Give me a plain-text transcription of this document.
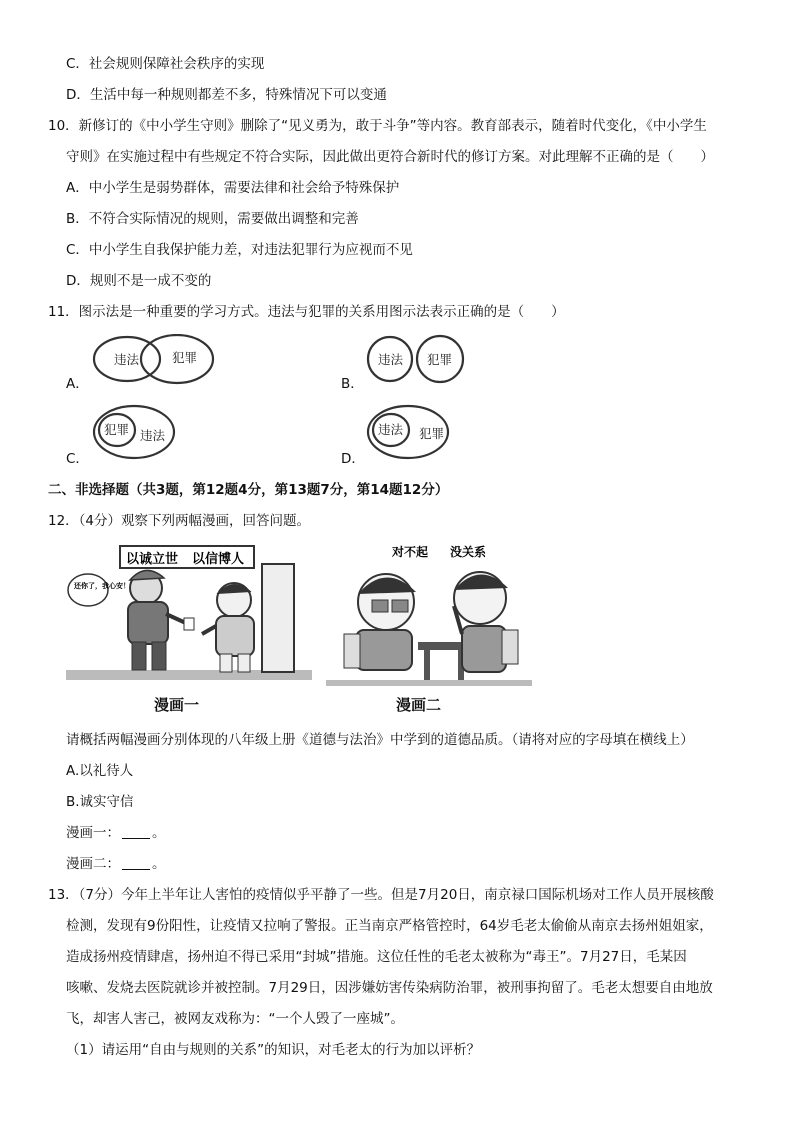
C．社会规则保障社会秩序的实现
D．生活中每一种规则都差不多，特殊情况下可以变通
10．新修订的《中小学生守则》删除了“见义勇为，敢于斗争”等内容。教育部表示，随着时代变化，《中小学生
守则》在实施过程中有些规定不符合实际，因此做出更符合新时代的修订方案。对此理解不正确的是（　　）
A．中小学生是弱势群体，需要法律和社会给予特殊保护
B．不符合实际情况的规则，需要做出调整和完善
C．中小学生自我保护能力差，对违法犯罪行为应视而不见
D．规则不是一成不变的
11．图示法是一种重要的学习方式。违法与犯罪的关系用图示法表示正确的是（　　）
A．
违法	犯罪
B．
违法 犯罪
C．
犯罪 违法
D．
违法 犯罪
二、非选择题（共3题，第12题4分，第13题7分，第14题12分）
12．（4分）观察下列两幅漫画，回答问题。
以诚立世 以信博人
还你了，我心安！
漫画一
对不起 没关系
漫画二
请概括两幅漫画分别体现的八年级上册《道德与法治》中学到的道德品质。（请将对应的字母填在横线上）
A.以礼待人
B.诚实守信
漫画一： 。
漫画二： 。
13．（7分）今年上半年让人害怕的疫情似乎平静了一些。但是7月20日，南京禄口国际机场对工作人员开展核酸
检测，发现有9份阳性，让疫情又拉响了警报。正当南京严格管控时，64岁毛老太偷偷从南京去扬州姐姐家，
造成扬州疫情肆虐，扬州迫不得已采用“封城”措施。这位任性的毛老太被称为“毒王”。7月27日，毛某因
咳嗽、发烧去医院就诊并被控制。7月29日，因涉嫌妨害传染病防治罪，被刑事拘留了。毛老太想要自由地放
飞，却害人害己，被网友戏称为：“一个人毁了一座城”。
（1）请运用“自由与规则的关系”的知识，对毛老太的行为加以评析？
